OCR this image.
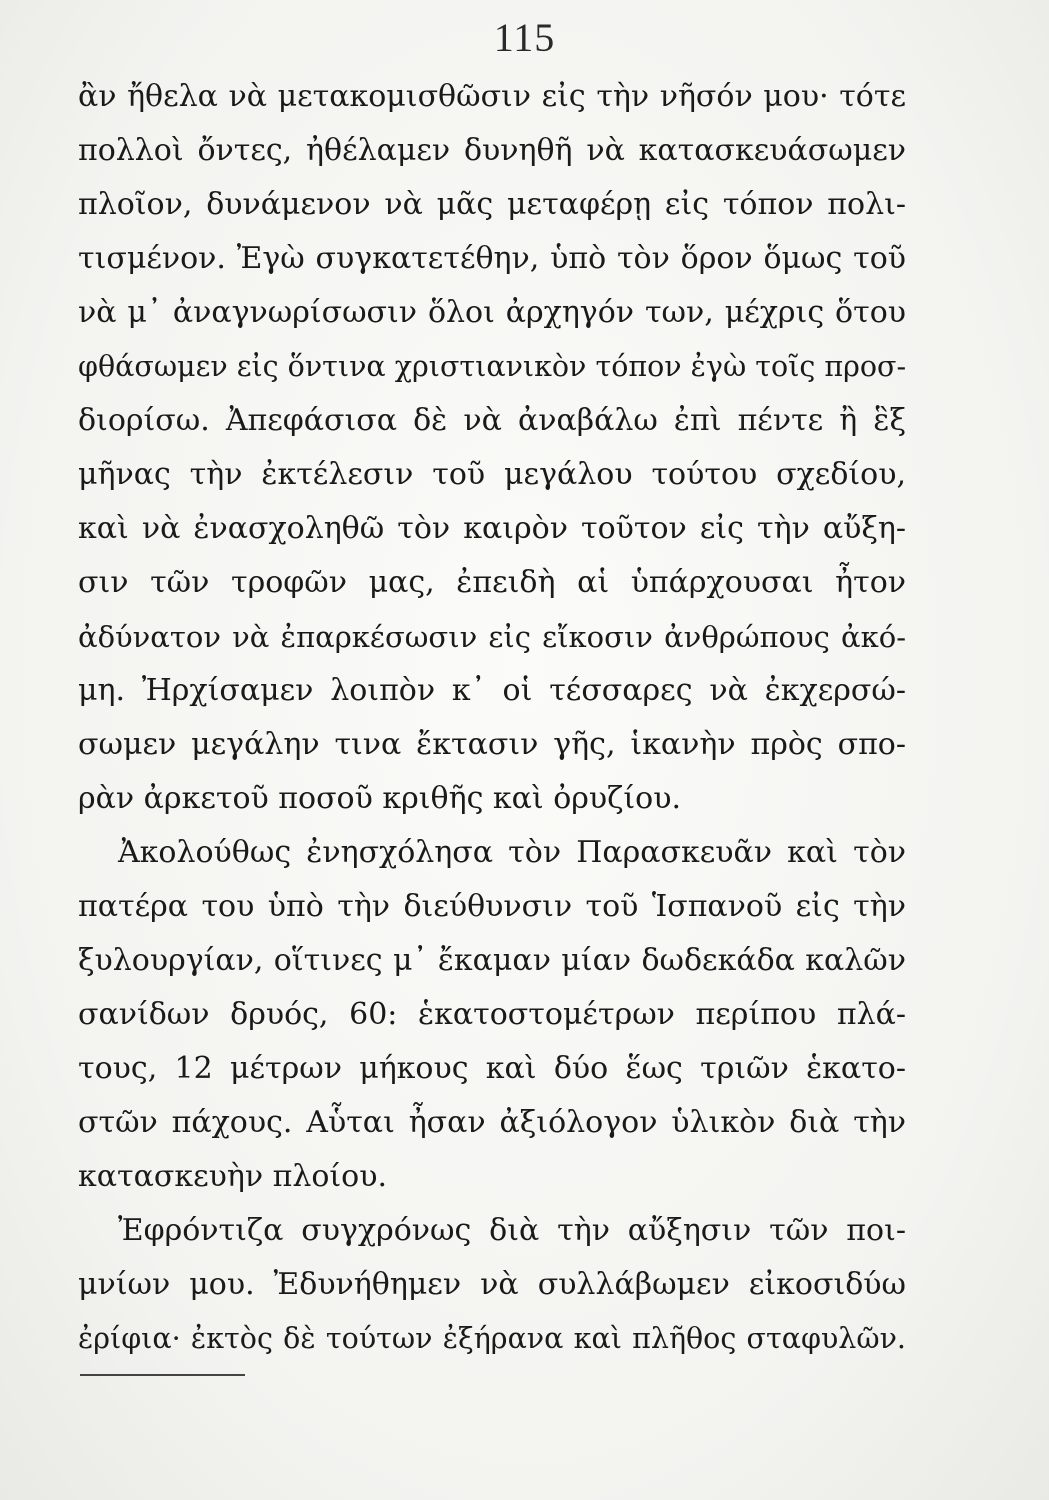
115
ἂν ἤθελα νὰ μετακομισθῶσιν εἰς τὴν νῆσόν μου· τότε
πολλοὶ ὄντες, ἠθέλαμεν δυνηθῆ νὰ κατασκευάσωμεν
πλοῖον, δυνάμενον νὰ μᾶς μεταφέρῃ εἰς τόπον πολι-
τισμένον. Ἐγὼ συγκατετέθην, ὑπὸ τὸν ὅρον ὅμως τοῦ
νὰ μ᾽ ἀναγνωρίσωσιν ὅλοι ἀρχηγόν των, μέχρις ὅτου
φθάσωμεν εἰς ὅντινα χριστιανικὸν τόπον ἐγὼ τοῖς προσ-
διορίσω. Ἀπεφάσισα δὲ νὰ ἀναβάλω ἐπὶ πέντε ἢ ἓξ
μῆνας τὴν ἐκτέλεσιν τοῦ μεγάλου τούτου σχεδίου,
καὶ νὰ ἐνασχοληθῶ τὸν καιρὸν τοῦτον εἰς τὴν αὔξη-
σιν τῶν τροφῶν μας, ἐπειδὴ αἱ ὑπάρχουσαι ἦτον
ἀδύνατον νὰ ἐπαρκέσωσιν εἰς εἴκοσιν ἀνθρώπους ἀκό-
μη. Ἠρχίσαμεν λοιπὸν κ᾽ οἱ τέσσαρες νὰ ἐκχερσώ-
σωμεν μεγάλην τινα ἔκτασιν γῆς, ἱκανὴν πρὸς σπο-
ρὰν ἀρκετοῦ ποσοῦ κριθῆς καὶ ὀρυζίου.
Ἀκολούθως ἐνησχόλησα τὸν Παρασκευᾶν καὶ τὸν
πατέρα του ὑπὸ τὴν διεύθυνσιν τοῦ Ἱσπανοῦ εἰς τὴν
ξυλουργίαν, οἵτινες μ᾽ ἔκαμαν μίαν δωδεκάδα καλῶν
σανίδων δρυός, 60: ἑκατοστομέτρων περίπου πλά-
τους, 12 μέτρων μήκους καὶ δύο ἕως τριῶν ἑκατο-
στῶν πάχους. Αὗται ἦσαν ἀξιόλογον ὑλικὸν διὰ τὴν
κατασκευὴν πλοίου.
Ἐφρόντιζα συγχρόνως διὰ τὴν αὔξησιν τῶν ποι-
μνίων μου. Ἐδυνήθημεν νὰ συλλάβωμεν εἰκοσιδύω
ἐρίφια· ἐκτὸς δὲ τούτων ἐξήρανα καὶ πλῆθος σταφυλῶν.
